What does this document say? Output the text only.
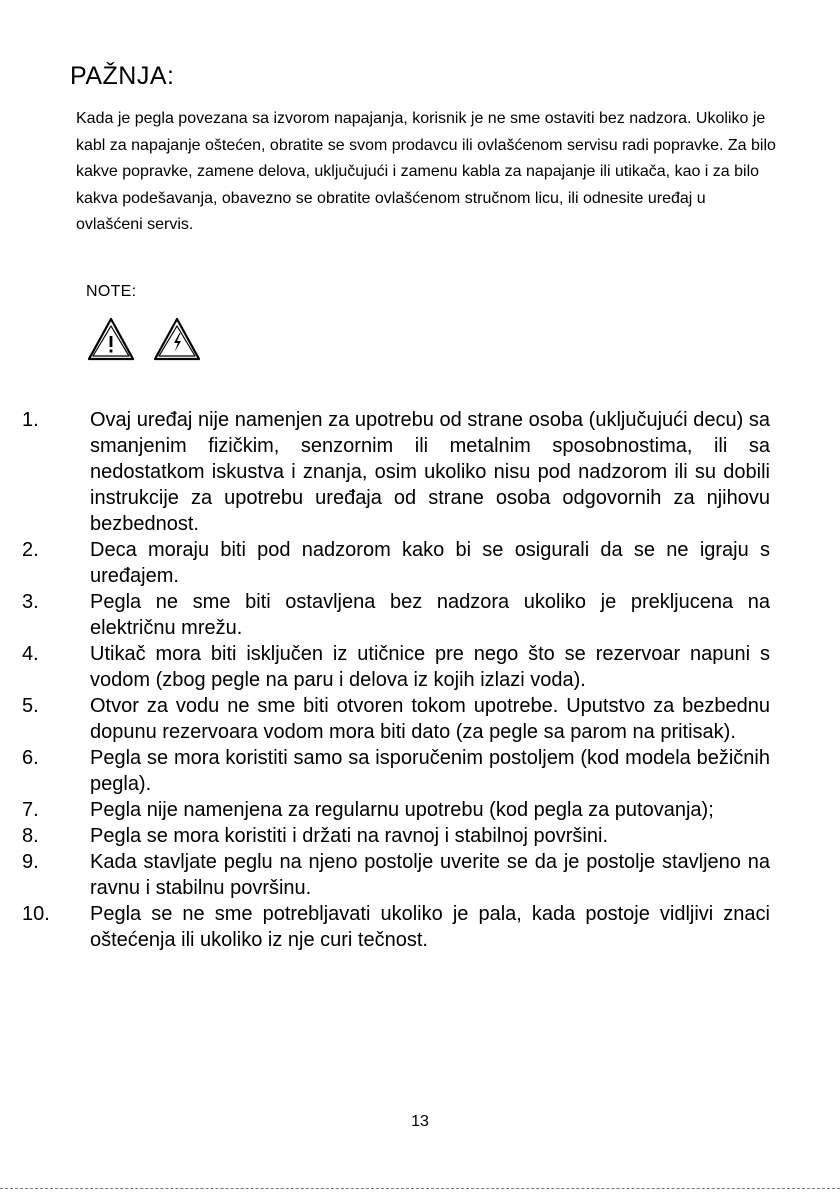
PAŽNJA:

Kada je pegla povezana sa izvorom napajanja, korisnik je ne sme ostaviti bez nadzora. Ukoliko je kabl za napajanje oštećen, obratite se svom prodavcu ili ovlašćenom servisu radi popravke. Za bilo kakve popravke, zamene delova, uključujući i zamenu kabla za napajanje ili utikača, kao i za bilo kakva podešavanja, obavezno se obratite ovlašćenom stručnom licu, ili odnesite uređaj u ovlašćeni servis.

NOTE:

1.	Ovaj uređaj nije namenjen za upotrebu od strane osoba (uključujući decu) sa smanjenim fizičkim, senzornim ili metalnim sposobnostima, ili sa nedostatkom iskustva i znanja, osim ukoliko nisu pod nadzorom ili su dobili instrukcije za upotrebu uređaja od strane osoba odgovornih za njihovu bezbednost.
2.	Deca moraju biti pod nadzorom kako bi se osigurali da se ne igraju s uređajem.
3.	Pegla ne sme biti ostavljena bez nadzora ukoliko je prekljucena na električnu mrežu.
4.	Utikač mora biti isključen iz utičnice pre nego što se rezervoar napuni s vodom (zbog pegle na paru i delova iz kojih izlazi voda).
5.	Otvor za vodu ne sme biti otvoren tokom upotrebe. Uputstvo za bezbednu dopunu rezervoara vodom mora biti dato (za pegle sa parom na pritisak).
6.	Pegla se mora koristiti samo sa isporučenim postoljem (kod modela bežičnih pegla).
7.	Pegla nije namenjena za regularnu upotrebu (kod pegla za putovanja);
8.	Pegla se mora koristiti i držati na ravnoj i stabilnoj površini.
9.	Kada stavljate peglu na njeno postolje uverite se da je postolje stavljeno na ravnu i stabilnu površinu.
10.	Pegla se ne sme potrebljavati ukoliko je pala, kada postoje vidljivi znaci oštećenja ili ukoliko iz nje curi tečnost.

13
